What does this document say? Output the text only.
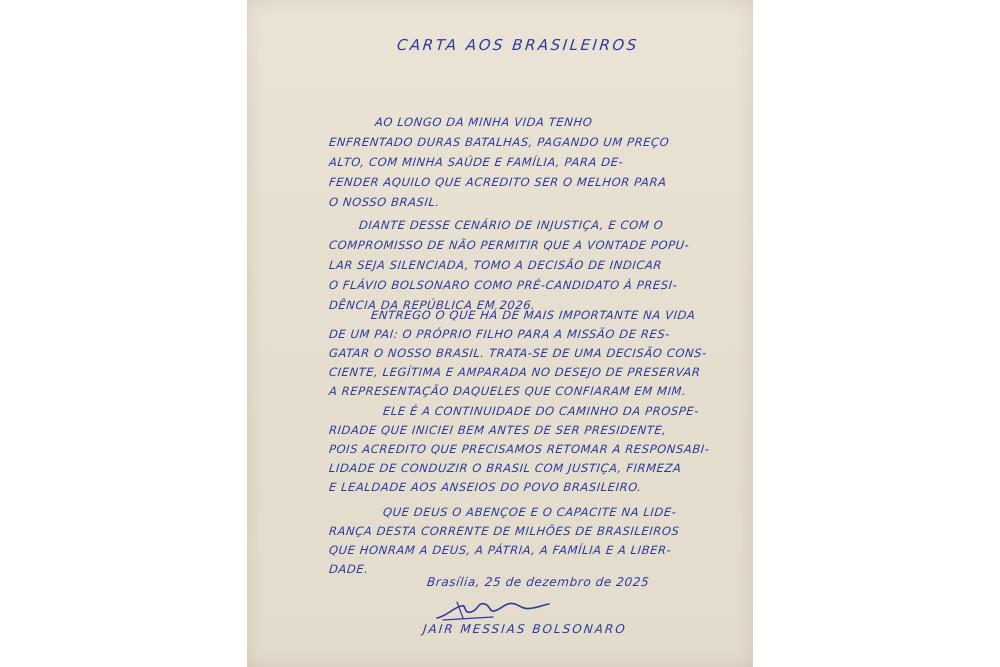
CARTA AOS BRASILEIROS
AO LONGO DA MINHA VIDA TENHO
ENFRENTADO DURAS BATALHAS, PAGANDO UM PREÇO
ALTO, COM MINHA SAÚDE E FAMÍLIA, PARA DE-
FENDER AQUILO QUE ACREDITO SER O MELHOR PARA
O NOSSO BRASIL.
DIANTE DESSE CENÁRIO DE INJUSTIÇA, E COM O
COMPROMISSO DE NÃO PERMITIR QUE A VONTADE POPU-
LAR SEJA SILENCIADA, TOMO A DECISÃO DE INDICAR
O FLÁVIO BOLSONARO COMO PRÉ-CANDIDATO À PRESI-
DÊNCIA DA REPÚBLICA EM 2026.
ENTREGO O QUE HÁ DE MAIS IMPORTANTE NA VIDA
DE UM PAI: O PRÓPRIO FILHO PARA A MISSÃO DE RES-
GATAR O NOSSO BRASIL. TRATA-SE DE UMA DECISÃO CONS-
CIENTE, LEGÍTIMA E AMPARADA NO DESEJO DE PRESERVAR
A REPRESENTAÇÃO DAQUELES QUE CONFIARAM EM MIM.
ELE É A CONTINUIDADE DO CAMINHO DA PROSPE-
RIDADE QUE INICIEI BEM ANTES DE SER PRESIDENTE,
POIS ACREDITO QUE PRECISAMOS RETOMAR A RESPONSABI-
LIDADE DE CONDUZIR O BRASIL COM JUSTIÇA, FIRMEZA
E LEALDADE AOS ANSEIOS DO POVO BRASILEIRO.
QUE DEUS O ABENÇOE E O CAPACITE NA LIDE-
RANÇA DESTA CORRENTE DE MILHÕES DE BRASILEIROS
QUE HONRAM A DEUS, A PÁTRIA, A FAMÍLIA E A LIBER-
DADE.
Brasília, 25 de dezembro de 2025
JAIR MESSIAS BOLSONARO
